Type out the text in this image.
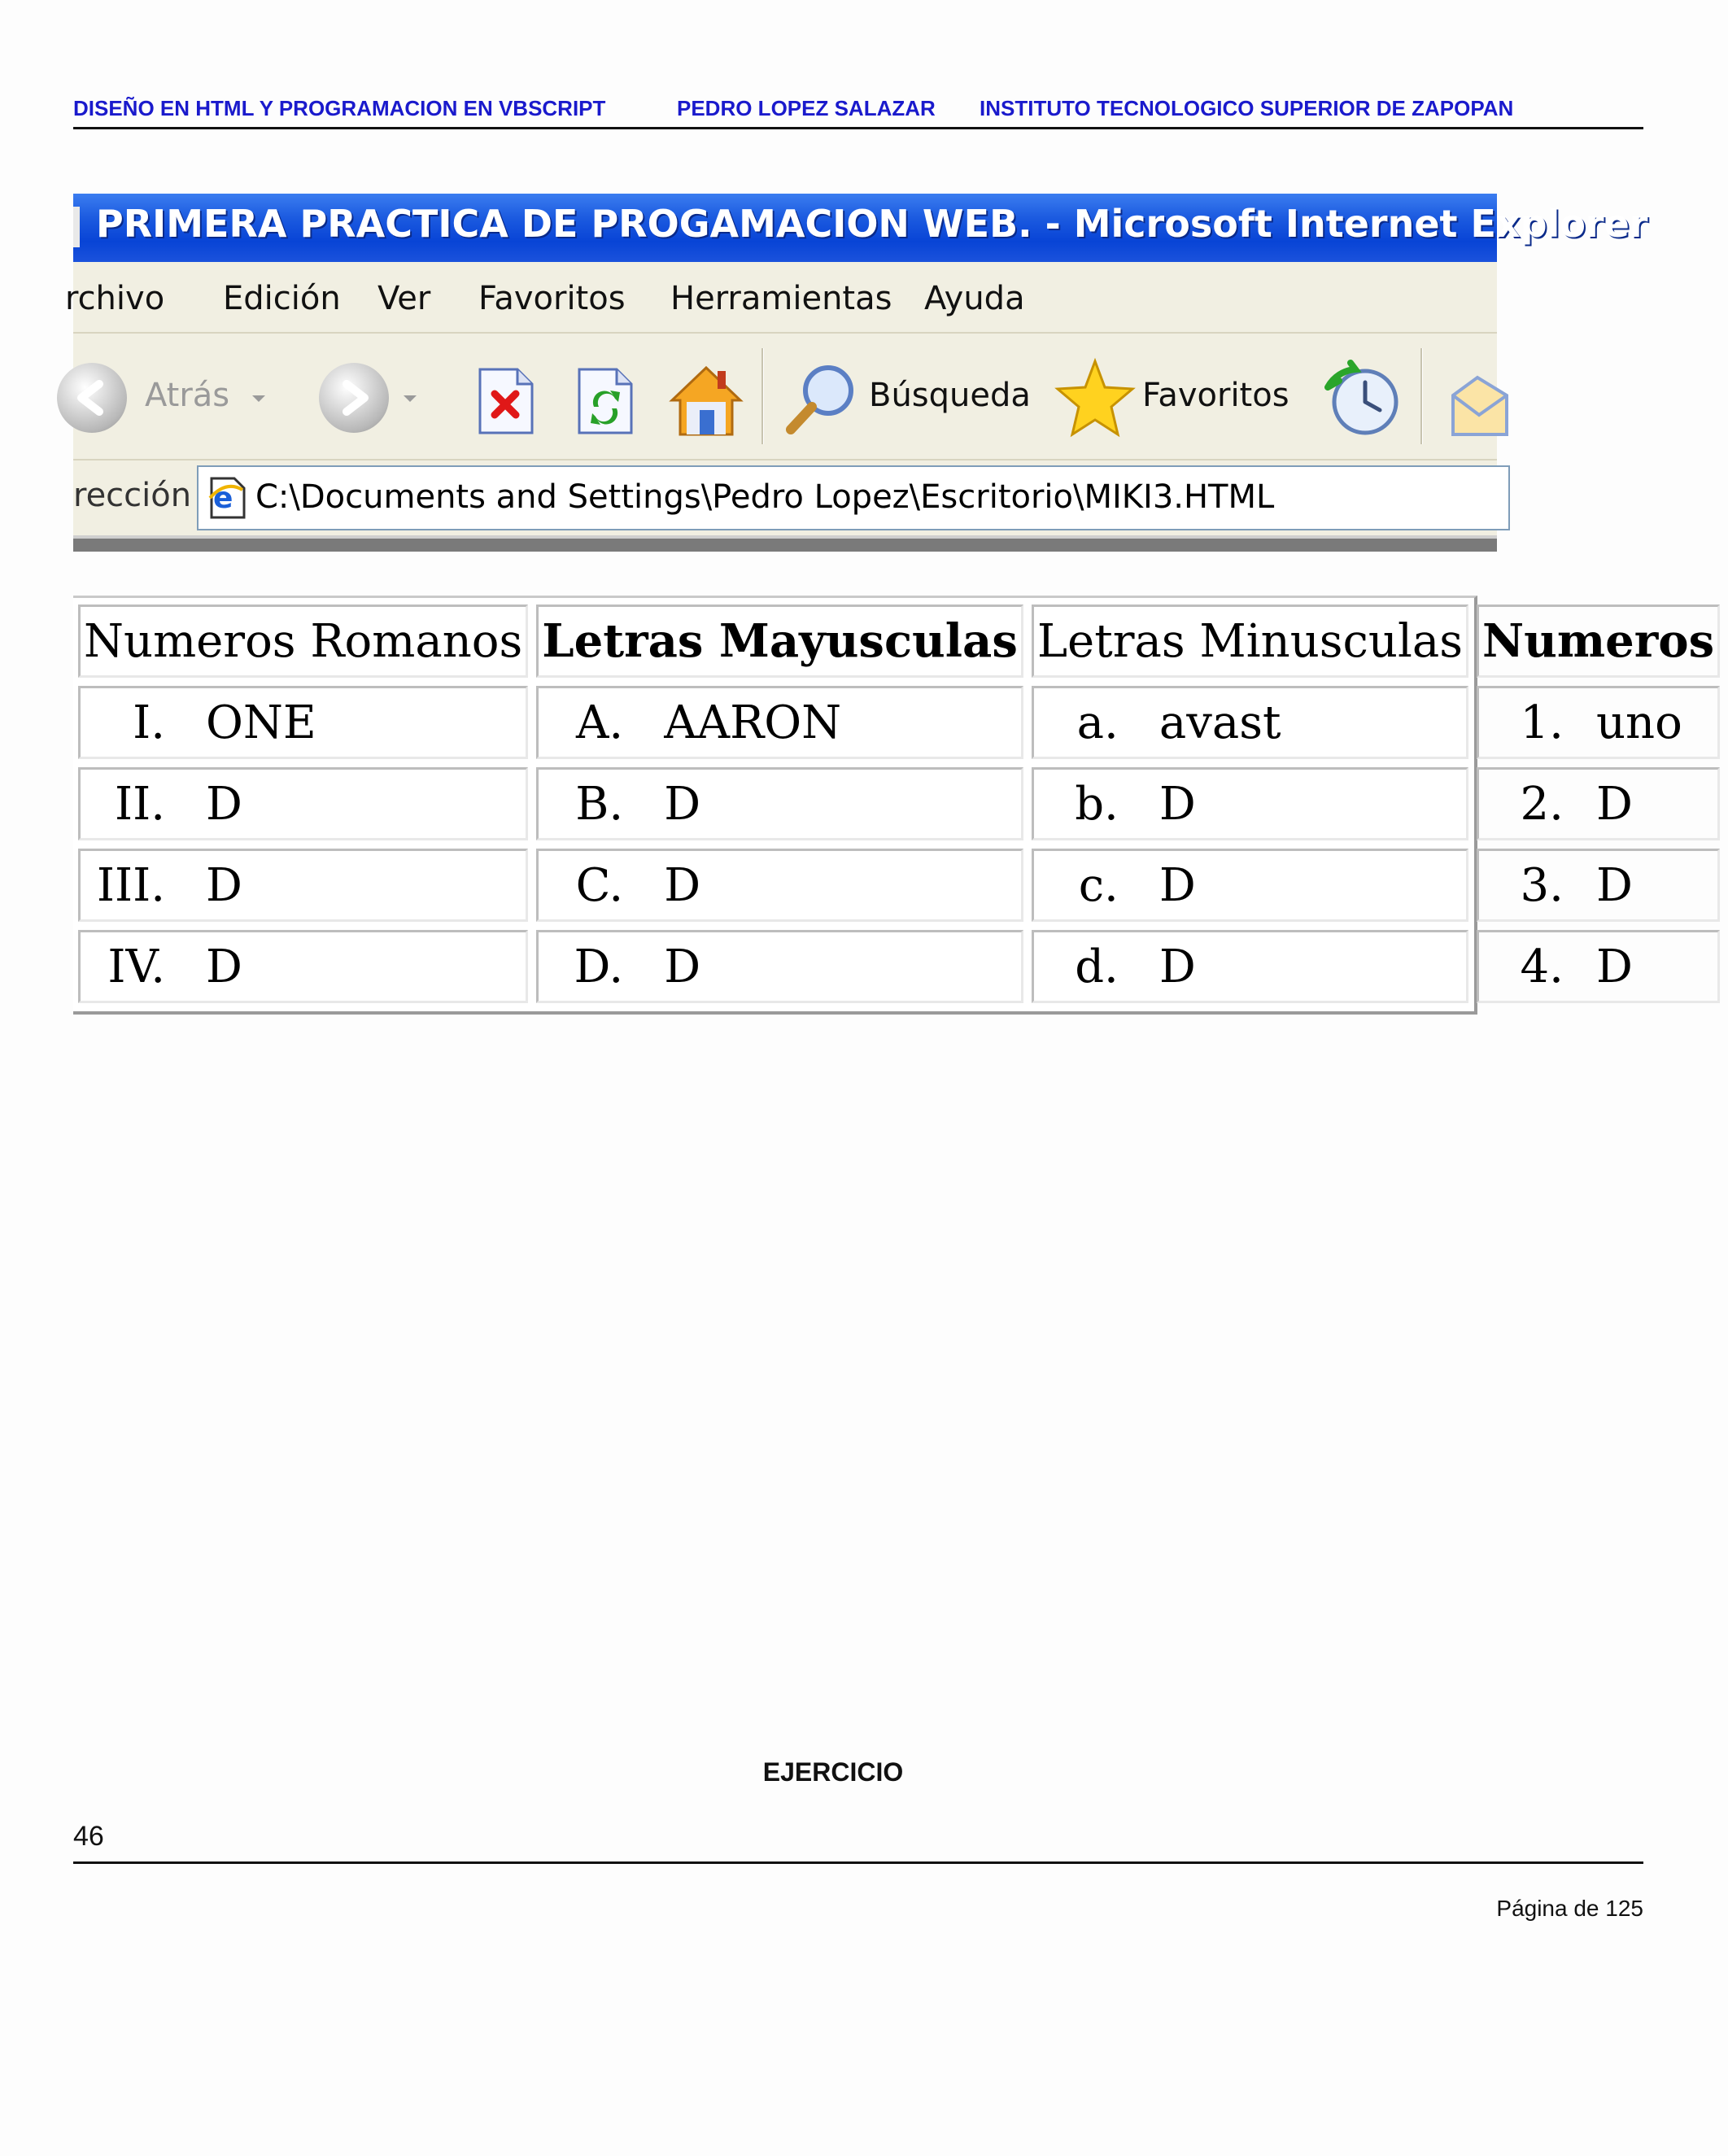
DISEÑO EN HTML Y PROGRAMACION EN VBSCRIPT	PEDRO LOPEZ SALAZAR INSTITUTO TECNOLOGICO SUPERIOR DE ZAPOPAN
PRIMERA PRACTICA DE PROGAMACION WEB. - Microsoft Internet Explorer
rchivo Edición Ver Favoritos Herramientas Ayuda
Atrás	Búsqueda	Favoritos
rección e C:\Documents and Settings\Pedro Lopez\Escritorio\MIKI3.HTML
Numeros Romanos	Letras Mayusculas	Letras Minusculas	Numeros
I. ONE	A. AARON	a. avast	1. uno
II. D	B. D	b. D	2. D
III. D	C. D	c. D	3. D
IV. D	D. D	d. D	4. D
EJERCICIO
46
Página de 125
